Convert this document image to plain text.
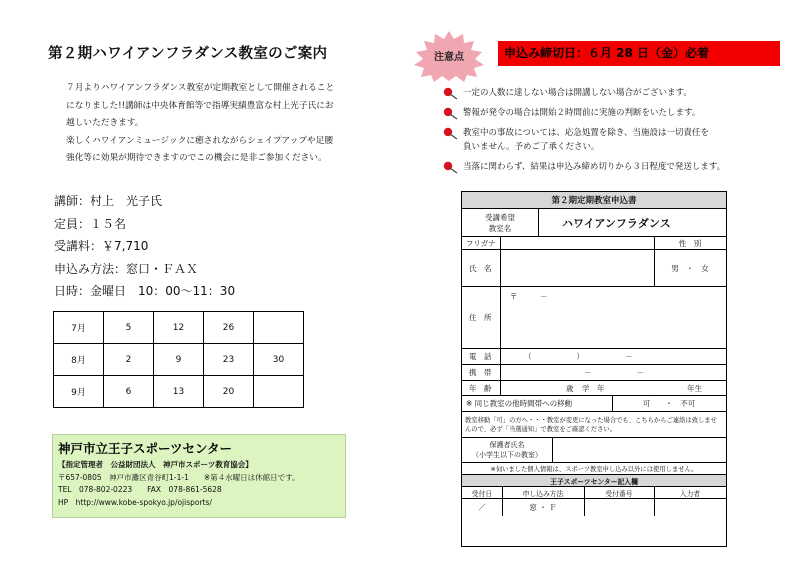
第２期ハワイアンフラダンス教室のご案内
７月よりハワイアンフラダンス教室が定期教室として開催されること
になりました!!講師は中央体育館等で指導実績豊富な村上光子氏にお
越しいただきます。
楽しくハワイアンミュージックに癒されながらシェイプアップや足腰
強化等に効果が期待できますのでこの機会に是非ご参加ください。
講師：村上　光子氏
定員：１５名
受講料：￥7,710
申込み方法：窓口・ＦＡＸ
日時：金曜日　10：00～11：30
7月	5	12	26	
8月	2	9	23	30
9月	6	13	20	
神戸市立王子スポーツセンター
【指定管理者　公益財団法人　神戸市スポーツ教育協会】
〒657-0805　神戸市灘区青谷町1-1-1　　※第４水曜日は休館日です。
TEL　078-802-0223　　FAX　078-861-5628
HP　http://www.kobe-spokyo.jp/ojisports/
注意点	申込み締切日：６月 28 日（金）必着
一定の人数に達しない場合は開講しない場合がございます。
警報が発令の場合は開始２時間前に実施の判断をいたします。
教室中の事故については、応急処置を除き、当施設は一切責任を
負いません。予めご了承ください。
当落に関わらず、結果は申込み締め切りから３日程度で発送します。
第２期定期教室申込書
受講希望
教室名	ハワイアンフラダンス
フリガナ	性　別
氏　名	男　・　女
住　所
〒　　　－
電　話	（　　　　　　）　　　　　　－
携　帯	－　　　　　　－
年　齢	歳 学　年	年生
※ 同じ教室の他時間帯への移動	可　　・　不可
教室移動「可」の方へ・・・教室が変更になった場合でも、こちらからご連絡は致しませんので、必ず「当選通知」で教室をご確認ください。
保護者氏名
（小学生以下の教室）
※伺いました個人情報は、スポーツ教室申し込み以外には使用しません。
王子スポーツセンター記入欄
受付日	申し込み方法	受付番号	入力者
／	窓 ・ Ｆ
